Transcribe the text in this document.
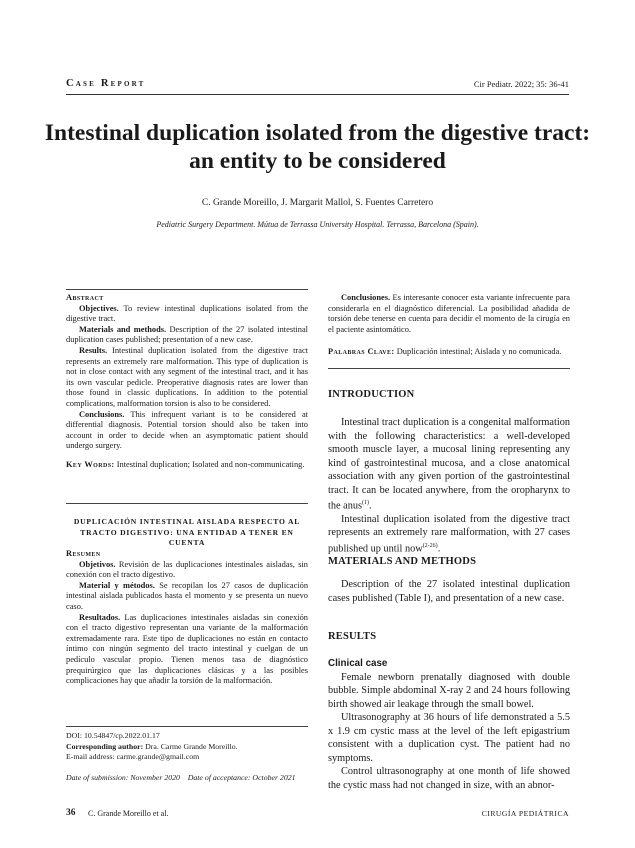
Case Report	Cir Pediatr. 2022; 35: 36-41
Intestinal duplication isolated from the digestive tract:
an entity to be considered
C. Grande Moreillo, J. Margarit Mallol, S. Fuentes Carretero
Pediatric Surgery Department. Mútua de Terrassa University Hospital. Terrassa, Barcelona (Spain).

Abstract

Objectives. To review intestinal duplications isolated from the digestive tract.

Materials and methods. Description of the 27 isolated intestinal duplication cases published; presentation of a new case.

Results. Intestinal duplication isolated from the digestive tract represents an extremely rare malformation. This type of duplication is not in close contact with any segment of the intestinal tract, and it has its own vascular pedicle. Preoperative diagnosis rates are lower than those found in classic duplications. In addition to the potential complications, malformation torsion is also to be considered.

Conclusions. This infrequent variant is to be considered at differential diagnosis. Potential torsion should also be taken into account in order to decide when an asymptomatic patient should undergo surgery.

Key Words: Intestinal duplication; Isolated and non-communicating.

DUPLICACIÓN INTESTINAL AISLADA RESPECTO AL TRACTO DIGESTIVO: UNA ENTIDAD A TENER EN CUENTA

Resumen

Objetivos. Revisión de las duplicaciones intestinales aisladas, sin conexión con el tracto digestivo.

Material y métodos. Se recopilan los 27 casos de duplicación intestinal aislada publicados hasta el momento y se presenta un nuevo caso.

Resultados. Las duplicaciones intestinales aisladas sin conexión con el tracto digestivo representan una variante de la malformación extremadamente rara. Este tipo de duplicaciones no están en contacto íntimo con ningún segmento del tracto intestinal y cuelgan de un pedículo vascular propio. Tienen menos tasa de diagnóstico prequirúrgico que las duplicaciones clásicas y a las posibles complicaciones hay que añadir la torsión de la malformación.

DOI: 10.54847/cp.2022.01.17
Corresponding author: Dra. Carme Grande Moreillo.
E-mail address: carme.grande@gmail.com
Date of submission: November 2020    Date of acceptance: October 2021

Conclusiones. Es interesante conocer esta variante infrecuente para considerarla en el diagnóstico diferencial. La posibilidad añadida de torsión debe tenerse en cuenta para decidir el momento de la cirugía en el paciente asintomático.

Palabras Clave: Duplicación intestinal; Aislada y no comunicada.

INTRODUCTION

Intestinal tract duplication is a congenital malformation with the following characteristics: a well-developed smooth muscle layer, a mucosal lining representing any kind of gastrointestinal mucosa, and a close anatomical association with any given portion of the gastrointestinal tract. It can be located anywhere, from the oropharynx to the anus$^{(1)}$.

Intestinal duplication isolated from the digestive tract represents an extremely rare malformation, with 27 cases published up until now$^{(2-26)}$.

MATERIALS AND METHODS

Description of the 27 isolated intestinal duplication cases published (Table I), and presentation of a new case.

RESULTS

Clinical case

Female newborn prenatally diagnosed with double bubble. Simple abdominal X-ray 2 and 24 hours following birth showed air leakage through the small bowel.

Ultrasonography at 36 hours of life demonstrated a 5.5 x 1.9 cm cystic mass at the level of the left epigastrium consistent with a duplication cyst. The patient had no symptoms.

Control ultrasonography at one month of life showed the cystic mass had not changed in size, with an abnor-

36 C. Grande Moreillo et al.	CIRUGÍA PEDIÁTRICA
